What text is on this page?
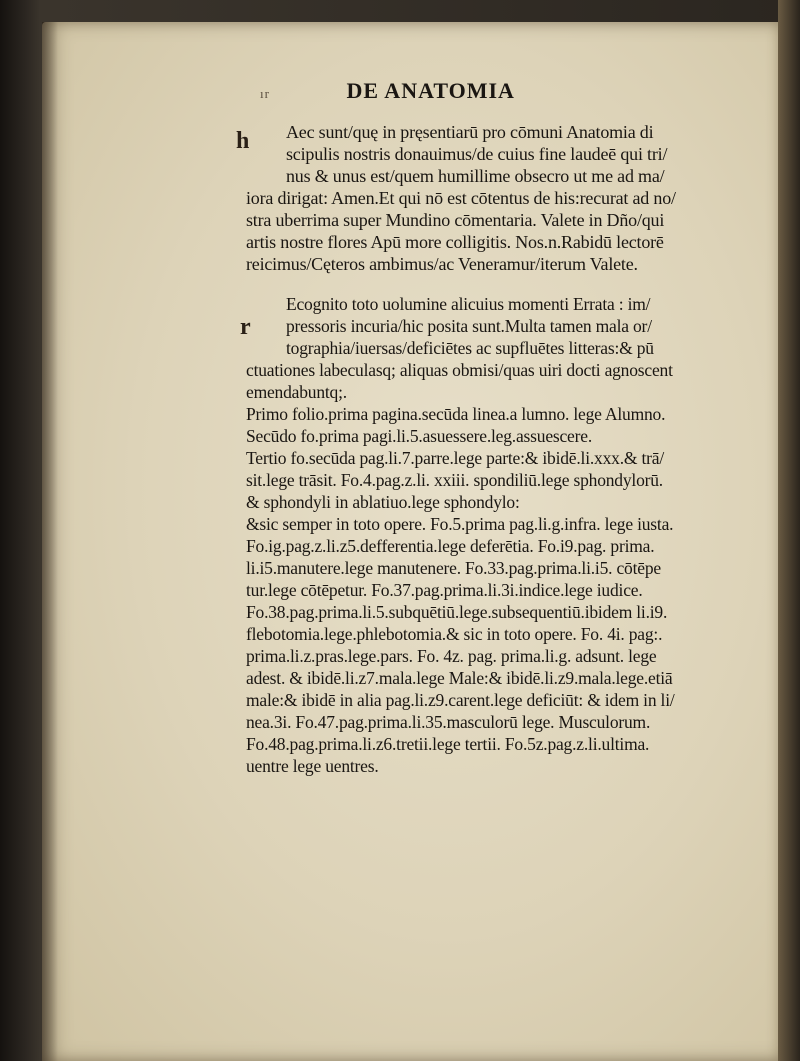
ır	DE ANATOMIA
h Aec sunt/quę in pręsentiarū pro cōmuni Anatomia di
scipulis nostris donauimus/de cuius fine laudeē qui tri/
nus & unus est/quem humillime obsecro ut me ad ma/
iora dirigat: Amen.Et qui nō est cōtentus de his:recurat ad no/
stra uberrima super Mundino cōmentaria. Valete in Dño/qui
artis nostre flores Apū more colligitis. Nos.n.Rabidū lectorē
reicimus/Cęteros ambimus/ac Veneramur/iterum Valete.
r
Ecognito toto uolumine alicuius momenti Errata : im/
pressoris incuria/hic posita sunt.Multa tamen mala or/
tographia/iuersas/deficiētes ac supfluētes litteras:& pū
ctuationes labeculasq; aliquas obmisi/quas uiri docti agnoscent
emendabuntq;.
Primo folio.prima pagina.secūda linea.a lumno. lege Alumno.
Secūdo fo.prima pagi.li.5.asuessere.leg.assuescere.
Tertio fo.secūda pag.li.7.parre.lege parte:& ibidē.li.xxx.& trā/
sit.lege trāsit. Fo.4.pag.z.li. xxiii. spondiliū.lege sphondylorū.
& sphondyli in ablatiuo.lege sphondylo:
&sic semper in toto opere. Fo.5.prima pag.li.g.infra. lege iusta.
Fo.ig.pag.z.li.z5.defferentia.lege deferētia. Fo.i9.pag. prima.
li.i5.manutere.lege manutenere. Fo.33.pag.prima.li.i5. cōtēpe
tur.lege cōtēpetur. Fo.37.pag.prima.li.3i.indice.lege iudice.
Fo.38.pag.prima.li.5.subquētiū.lege.subsequentiū.ibidem li.i9.
flebotomia.lege.phlebotomia.& sic in toto opere. Fo. 4i. pag:.
prima.li.z.pras.lege.pars. Fo. 4z. pag. prima.li.g. adsunt. lege
adest. & ibidē.li.z7.mala.lege Male:& ibidē.li.z9.mala.lege.etiā
male:& ibidē in alia pag.li.z9.carent.lege deficiūt: & idem in li/
nea.3i. Fo.47.pag.prima.li.35.masculorū lege. Musculorum.
Fo.48.pag.prima.li.z6.tretii.lege tertii. Fo.5z.pag.z.li.ultima.
uentre lege uentres.
